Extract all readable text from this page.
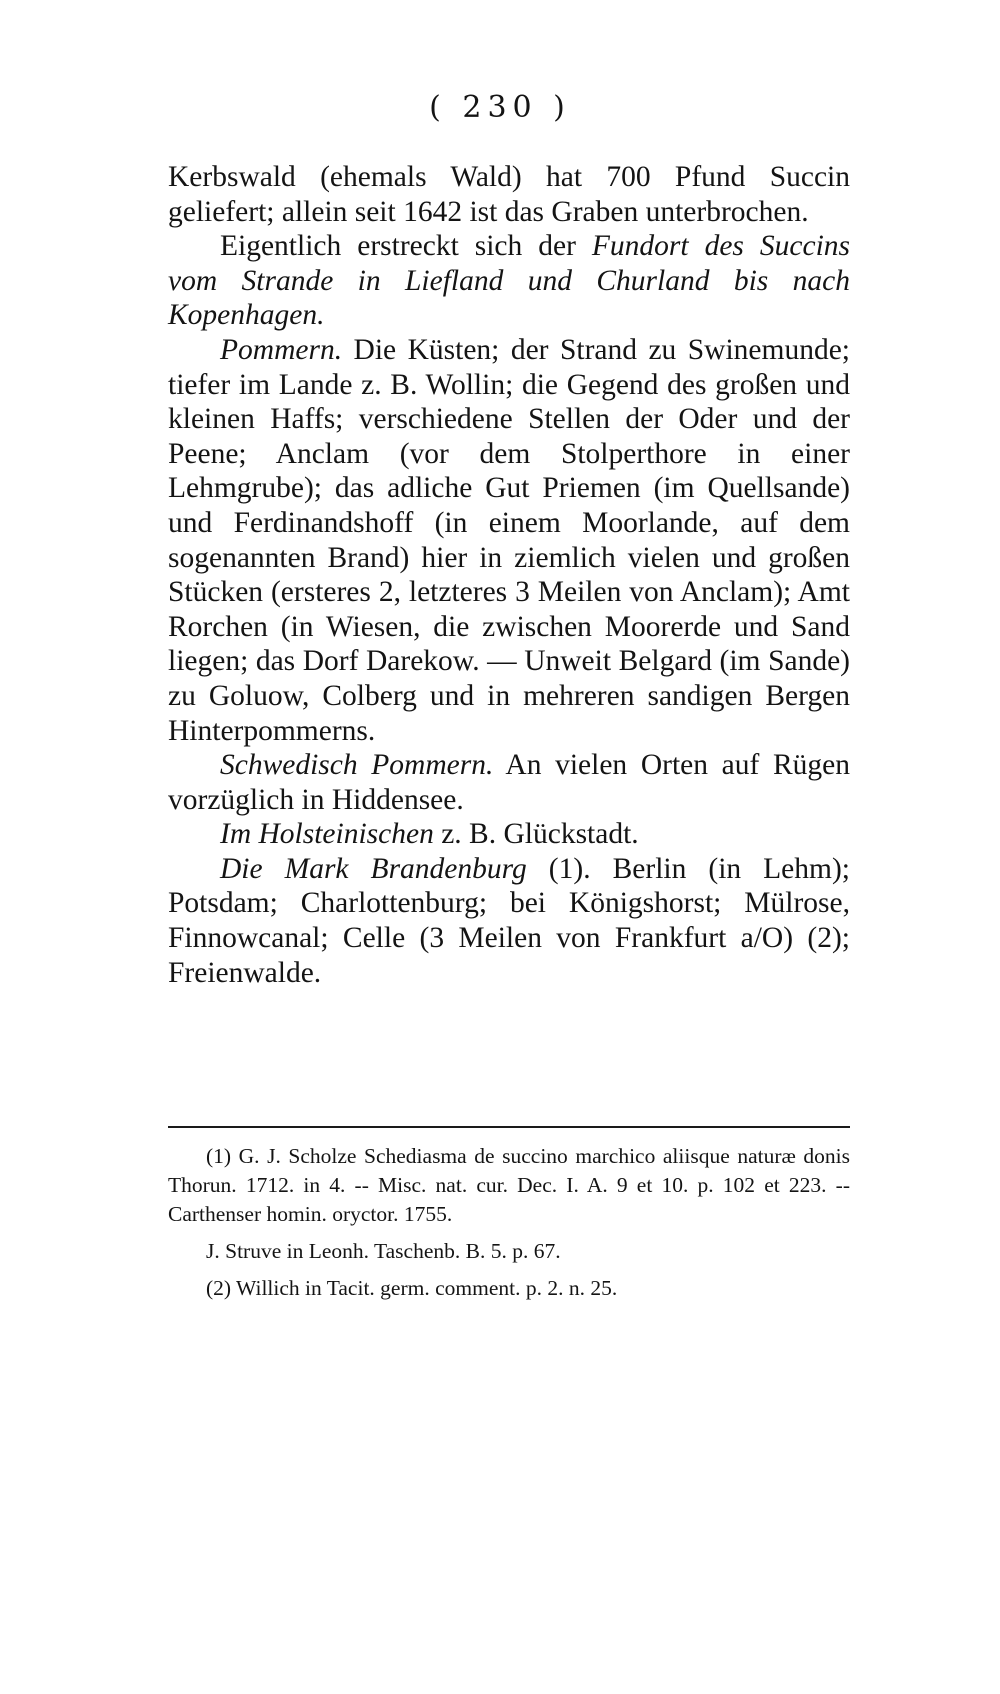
( 230 )

Kerbswald (ehemals Wald) hat 700 Pfund Succin geliefert; allein seit 1642 ist das Graben unterbrochen.

Eigentlich erstreckt sich der Fundort des Succins vom Strande in Liefland und Churland bis nach Kopenhagen.

Pommern. Die Küsten; der Strand zu Swinemunde; tiefer im Lande z. B. Wollin; die Gegend des großen und kleinen Haffs; verschiedene Stellen der Oder und der Peene; Anclam (vor dem Stolperthore in einer Lehmgrube); das adliche Gut Priemen (im Quellsande) und Ferdinandshoff (in einem Moorlande, auf dem sogenannten Brand) hier in ziemlich vielen und großen Stücken (ersteres 2, letzteres 3 Meilen von Anclam); Amt Rorchen (in Wiesen, die zwischen Moorerde und Sand liegen; das Dorf Darekow. — Unweit Belgard (im Sande) zu Goluow, Colberg und in mehreren sandigen Bergen Hinterpommerns.

Schwedisch Pommern. An vielen Orten auf Rügen vorzüglich in Hiddensee.

Im Holsteinischen z. B. Glückstadt.

Die Mark Brandenburg (1). Berlin (in Lehm); Potsdam; Charlottenburg; bei Königshorst; Mülrose, Finnowcanal; Celle (3 Meilen von Frankfurt a/O) (2); Freienwalde.

(1) G. J. Scholze Schediasma de succino marchico aliisque naturæ donis Thorun. 1712. in 4. -- Misc. nat. cur. Dec. I. A. 9 et 10. p. 102 et 223. -- Carthenser homin. oryctor. 1755.

J. Struve in Leonh. Taschenb. B. 5. p. 67.

(2) Willich in Tacit. germ. comment. p. 2. n. 25.
